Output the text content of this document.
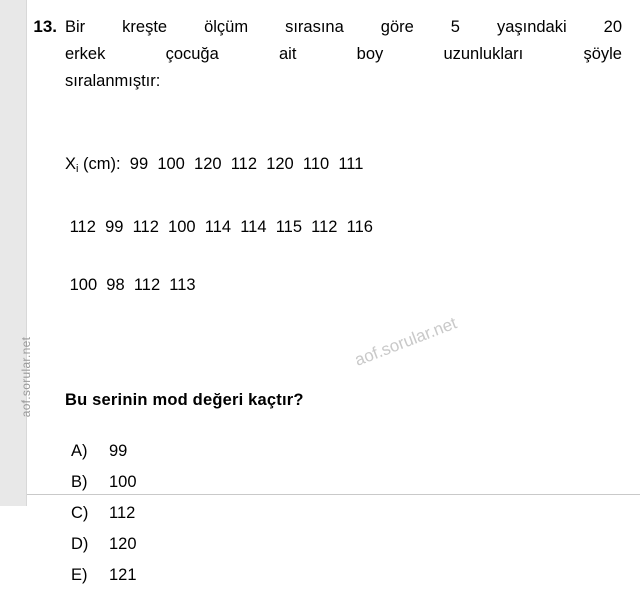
aof.sorular.net
13. Bir kreşte ölçüm sırasına göre 5 yaşındaki 20
erkek çocuğa ait boy uzunlukları şöyle
sıralanmıştır:

$X_i$ (cm): 99  100  120  112  120  110  111

112  99  112  100  114  114  115  112  116

100  98  112  113

Bu serinin mod değeri kaçtır?
A)	99
B)	100
C)	112
D)	120
E)	121
aof.sorular.net
